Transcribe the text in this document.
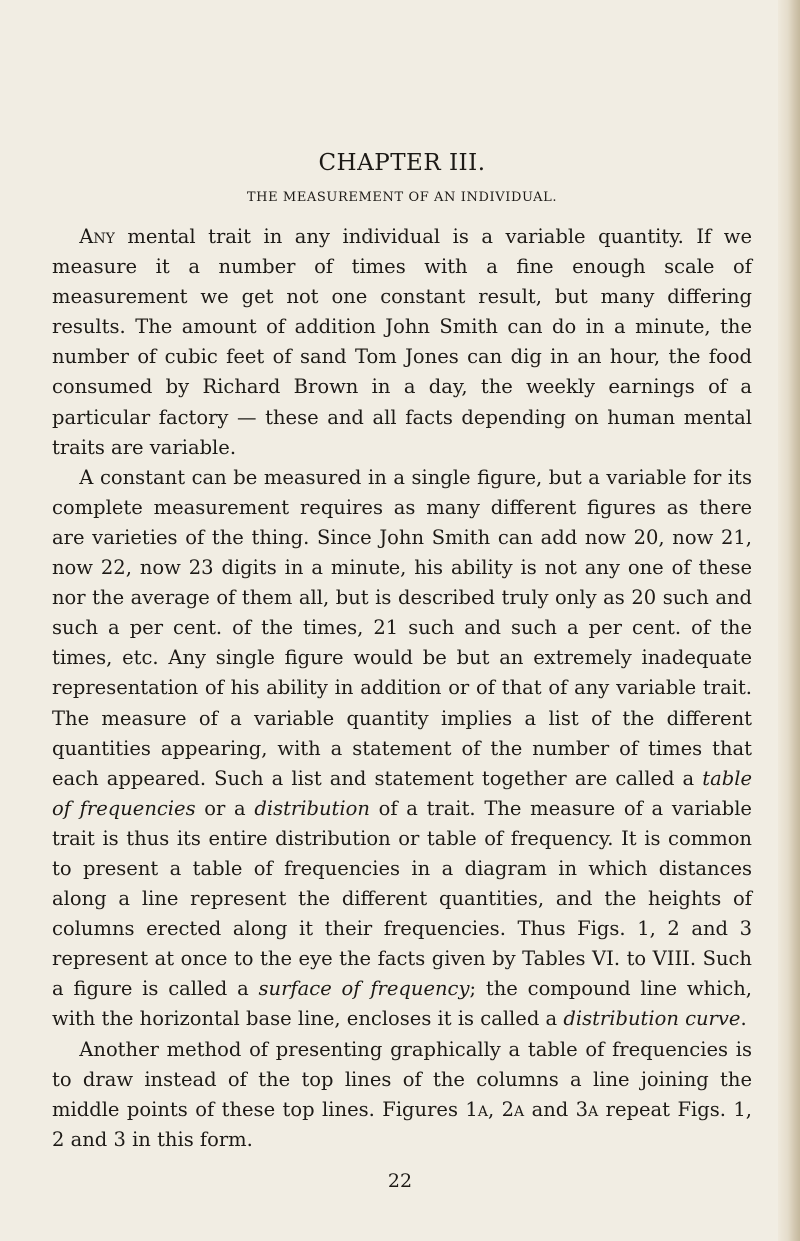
CHAPTER III.
THE MEASUREMENT OF AN INDIVIDUAL.

Any mental trait in any individual is a variable quantity. If we measure it a number of times with a fine enough scale of measurement we get not one constant result, but many differing results. The amount of addition John Smith can do in a minute, the number of cubic feet of sand Tom Jones can dig in an hour, the food consumed by Richard Brown in a day, the weekly earnings of a particular factory — these and all facts depending on human mental traits are variable.

A constant can be measured in a single figure, but a variable for its complete measurement requires as many different figures as there are varieties of the thing. Since John Smith can add now 20, now 21, now 22, now 23 digits in a minute, his ability is not any one of these nor the average of them all, but is described truly only as 20 such and such a per cent. of the times, 21 such and such a per cent. of the times, etc. Any single figure would be but an extremely inadequate representation of his ability in addition or of that of any variable trait. The measure of a variable quantity implies a list of the different quantities appearing, with a statement of the number of times that each appeared. Such a list and statement together are called a table of frequencies or a distribution of a trait. The measure of a variable trait is thus its entire distribution or table of frequency. It is common to present a table of frequencies in a diagram in which distances along a line represent the different quantities, and the heights of columns erected along it their frequencies. Thus Figs. 1, 2 and 3 represent at once to the eye the facts given by Tables VI. to VIII. Such a figure is called a surface of frequency; the compound line which, with the horizontal base line, encloses it is called a distribution curve.

Another method of presenting graphically a table of frequencies is to draw instead of the top lines of the columns a line joining the middle points of these top lines. Figures 1a, 2a and 3a repeat Figs. 1, 2 and 3 in this form.

22
